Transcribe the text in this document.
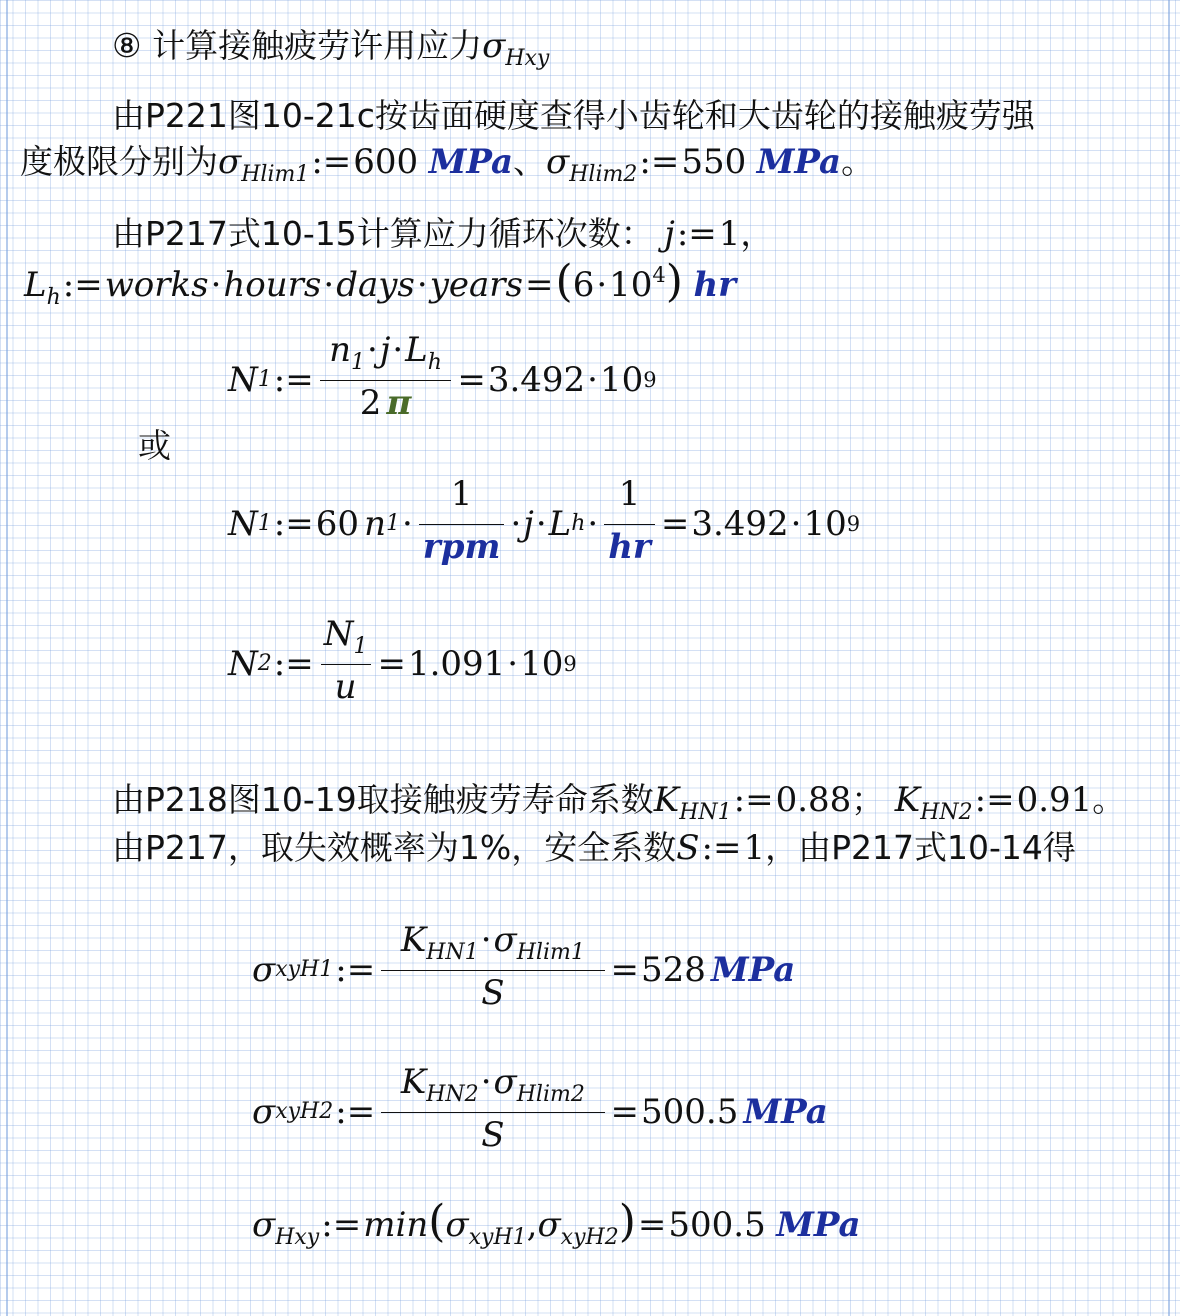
⑧ 计算接触疲劳许用应力$\sigma_{Hxy}$
由P221图10-21c按齿面硬度查得小齿轮和大齿轮的接触疲劳强
度极限分别为$\sigma_{Hlim1}:=600$ MPa、$\sigma_{Hlim2}:=550$ MPa。
由P217式10-15计算应力循环次数： j:=1，
$L_h:=works\cdot hours\cdot days\cdot years=(6\cdot 10^4)$ hr
N 1 := $\frac{n_1\cdot j\cdot L_h}{2 \pi} = 3.492 \cdot 10$ 9
或
N 1 := 60
n $1 \cdot \frac{1}{\text{rpm}} \cdot j \cdot L$ $h \cdot \frac{1}{hr} = 3.492 \cdot 10$ 9
N 2 := $\frac{N_1}{u} = 1.091 \cdot 10$ 9
由P218图10-19取接触疲劳寿命系数$K_{HN1}:=0.88$； $K_{HN2}:=0.91$。
由P217，取失效概率为1%，安全系数S:=1，由P217式10-14得
σ xyH1 := $\frac{K_{HN1}\cdot\sigma_{Hlim1}}{S} = 528$
MPa
σ xyH2 := $\frac{K_{HN2}\cdot\sigma_{Hlim2}}{S} = 500.5$
MPa
$\sigma_{Hxy}:=\min(\sigma_{xyH1},\sigma_{xyH2})=500.5$ MPa
